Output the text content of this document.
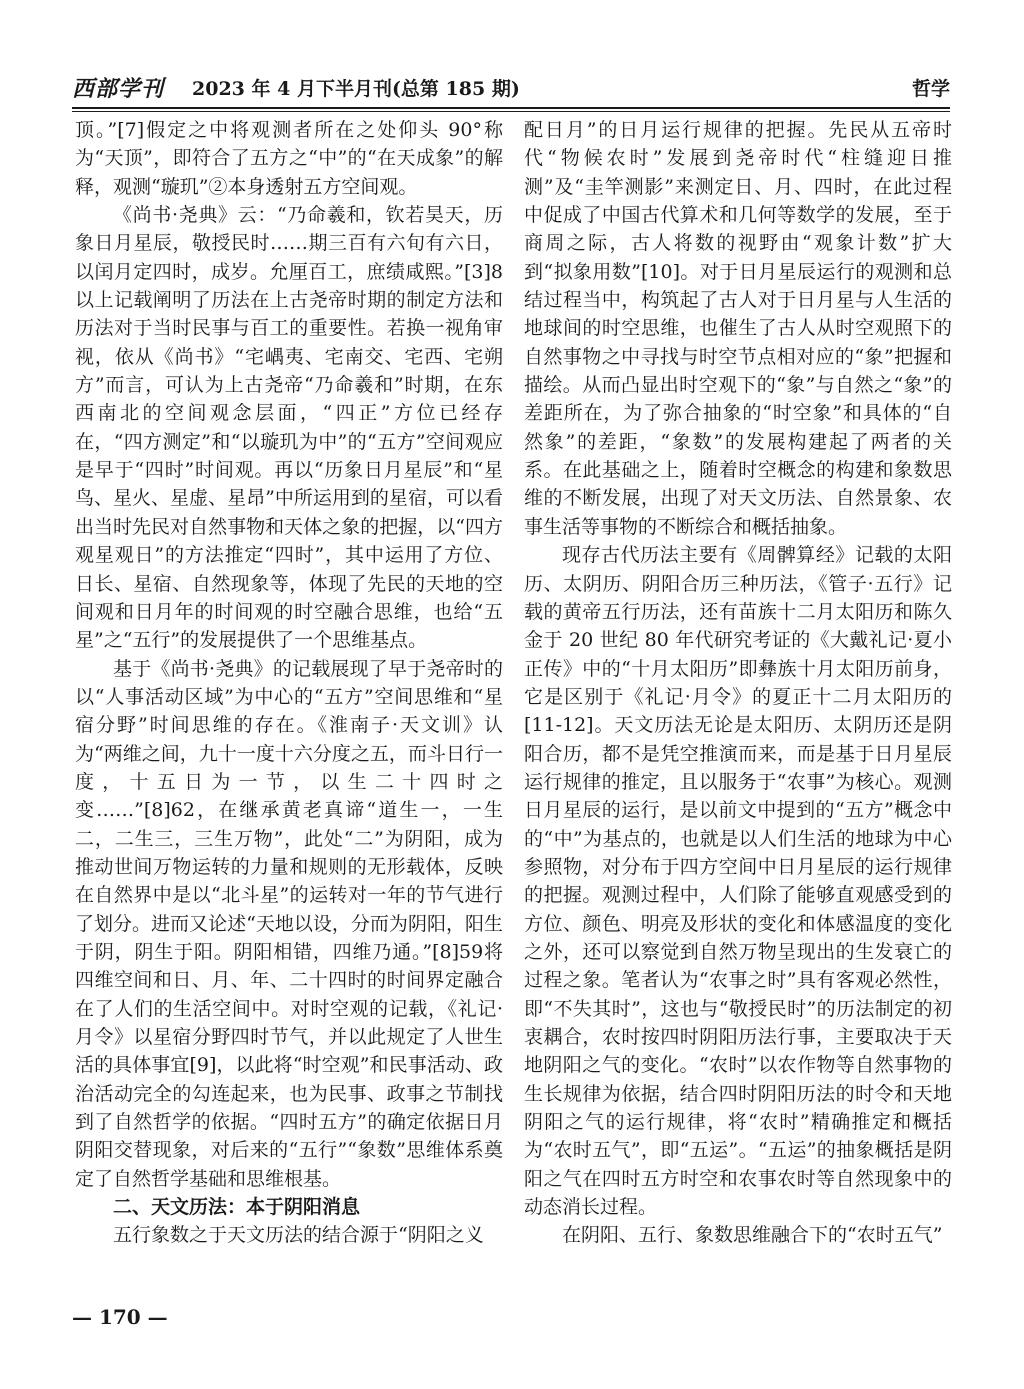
西部学刊 2023 年 4 月下半月刊(总第 185 期)	哲学

顶。”[7]假定之中将观测者所在之处仰头 90°称为“天顶”，即符合了五方之“中”的“在天成象”的解释，观测“璇玑”②本身透射五方空间观。

《尚书·尧典》云：“乃命羲和，钦若昊天，历象日月星辰，敬授民时……期三百有六旬有六日，以闰月定四时，成岁。允厘百工，庶绩咸熙。”[3]8以上记载阐明了历法在上古尧帝时期的制定方法和历法对于当时民事与百工的重要性。若换一视角审视，依从《尚书》“宅嵎夷、宅南交、宅西、宅朔方”而言，可认为上古尧帝“乃命羲和”时期，在东西南北的空间观念层面，“四正”方位已经存在，“四方测定”和“以璇玑为中”的“五方”空间观应是早于“四时”时间观。再以“历象日月星辰”和“星鸟、星火、星虚、星昂”中所运用到的星宿，可以看出当时先民对自然事物和天体之象的把握，以“四方观星观日”的方法推定“四时”，其中运用了方位、日长、星宿、自然现象等，体现了先民的天地的空间观和日月年的时间观的时空融合思维，也给“五星”之“五行”的发展提供了一个思维基点。

基于《尚书·尧典》的记载展现了早于尧帝时的以“人事活动区域”为中心的“五方”空间思维和“星宿分野”时间思维的存在。《淮南子·天文训》认为“两维之间，九十一度十六分度之五，而斗日行一度，十五日为一节，以生二十四时之变……”[8]62，在继承黄老真谛“道生一，一生二，二生三，三生万物”，此处“二”为阴阳，成为推动世间万物运转的力量和规则的无形载体，反映在自然界中是以“北斗星”的运转对一年的节气进行了划分。进而又论述“天地以设，分而为阴阳，阳生于阴，阴生于阳。阴阳相错，四维乃通。”[8]59将四维空间和日、月、年、二十四时的时间界定融合在了人们的生活空间中。对时空观的记载，《礼记·月令》以星宿分野四时节气，并以此规定了人世生活的具体事宜[9]，以此将“时空观”和民事活动、政治活动完全的勾连起来，也为民事、政事之节制找到了自然哲学的依据。“四时五方”的确定依据日月阴阳交替现象，对后来的“五行”“象数”思维体系奠定了自然哲学基础和思维根基。

二、天文历法：本于阴阳消息

五行象数之于天文历法的结合源于“阴阳之义

配日月”的日月运行规律的把握。先民从五帝时代“物候农时”发展到尧帝时代“柱缝迎日推测”及“圭竿测影”来测定日、月、四时，在此过程中促成了中国古代算术和几何等数学的发展，至于商周之际，古人将数的视野由“观象计数”扩大到“拟象用数”[10]。对于日月星辰运行的观测和总结过程当中，构筑起了古人对于日月星与人生活的地球间的时空思维，也催生了古人从时空观照下的自然事物之中寻找与时空节点相对应的“象”把握和描绘。从而凸显出时空观下的“象”与自然之“象”的差距所在，为了弥合抽象的“时空象”和具体的“自然象”的差距，“象数”的发展构建起了两者的关系。在此基础之上，随着时空概念的构建和象数思维的不断发展，出现了对天文历法、自然景象、农事生活等事物的不断综合和概括抽象。

现存古代历法主要有《周髀算经》记载的太阳历、太阴历、阴阳合历三种历法，《管子·五行》记载的黄帝五行历法，还有苗族十二月太阳历和陈久金于 20 世纪 80 年代研究考证的《大戴礼记·夏小正传》中的“十月太阳历”即彝族十月太阳历前身，它是区别于《礼记·月令》的夏正十二月太阳历的[11-12]。天文历法无论是太阳历、太阴历还是阴阳合历，都不是凭空推演而来，而是基于日月星辰运行规律的推定，且以服务于“农事”为核心。观测日月星辰的运行，是以前文中提到的“五方”概念中的“中”为基点的，也就是以人们生活的地球为中心参照物，对分布于四方空间中日月星辰的运行规律的把握。观测过程中，人们除了能够直观感受到的方位、颜色、明亮及形状的变化和体感温度的变化之外，还可以察觉到自然万物呈现出的生发衰亡的过程之象。笔者认为“农事之时”具有客观必然性，即“不失其时”，这也与“敬授民时”的历法制定的初衷耦合，农时按四时阴阳历法行事，主要取决于天地阴阳之气的变化。“农时”以农作物等自然事物的生长规律为依据，结合四时阴阳历法的时令和天地阴阳之气的运行规律，将“农时”精确推定和概括为“农时五气”，即“五运”。“五运”的抽象概括是阴阳之气在四时五方时空和农事农时等自然现象中的动态消长过程。

在阴阳、五行、象数思维融合下的“农时五气”

— 170 —
